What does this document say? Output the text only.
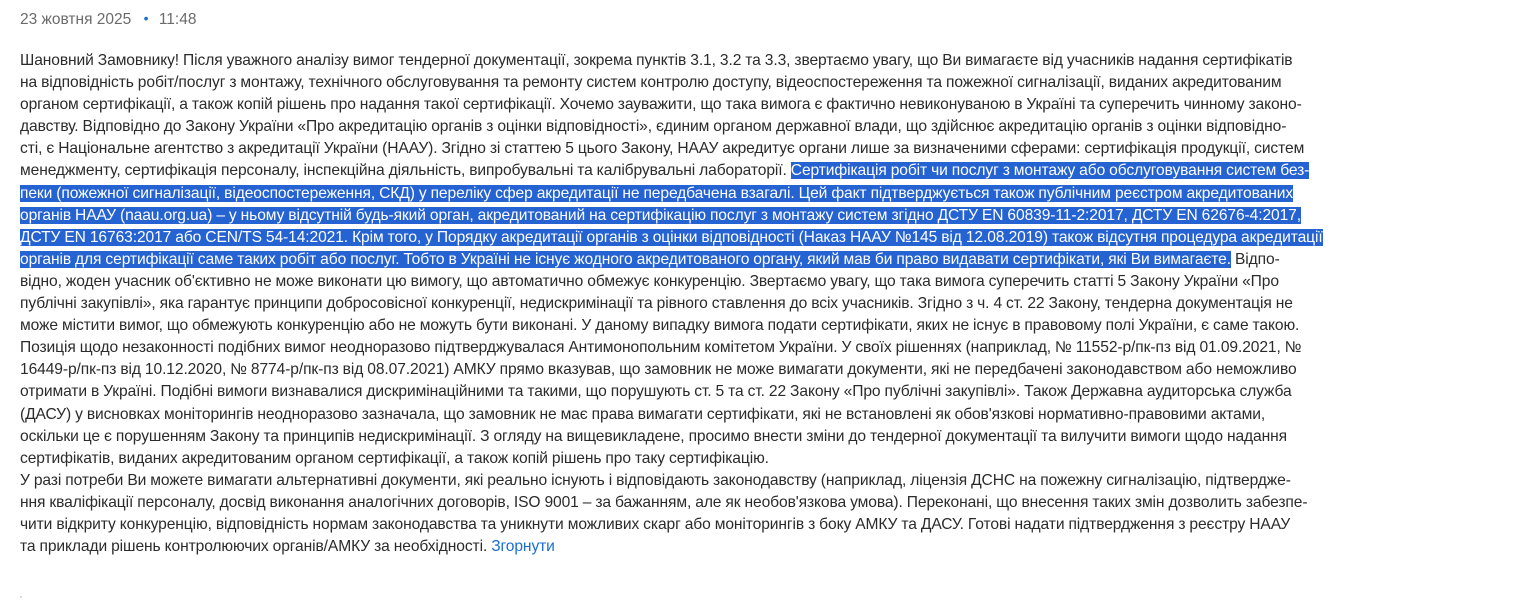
23 жовтня 2025 • 11:48
Шановний Замовнику! Після уважного аналізу вимог тендерної документації, зокрема пунктів 3.1, 3.2 та 3.3, звертаємо увагу, що Ви вимагаєте від учасників надання сертифікатів
на відповідність робіт/послуг з монтажу, технічного обслуговування та ремонту систем контролю доступу, відеоспостереження та пожежної сигналізації, виданих акредитованим
органом сертифікації, а також копій рішень про надання такої сертифікації. Хочемо зауважити, що така вимога є фактично невиконуваною в Україні та суперечить чинному законо-
давству. Відповідно до Закону України «Про акредитацію органів з оцінки відповідності», єдиним органом державної влади, що здійснює акредитацію органів з оцінки відповідно-
сті, є Національне агентство з акредитації України (НААУ). Згідно зі статтею 5 цього Закону, НААУ акредитує органи лише за визначеними сферами: сертифікація продукції, систем
менеджменту, сертифікація персоналу, інспекційна діяльність, випробувальні та калібрувальні лабораторії. Сертифікація робіт чи послуг з монтажу або обслуговування систем без-
пеки (пожежної сигналізації, відеоспостереження, СКД) у переліку сфер акредитації не передбачена взагалі. Цей факт підтверджується також публічним реєстром акредитованих
органів НААУ (naau.org.ua) – у ньому відсутній будь-який орган, акредитований на сертифікацію послуг з монтажу систем згідно ДСТУ EN 60839-11-2:2017, ДСТУ EN 62676-4:2017,
ДСТУ EN 16763:2017 або CEN/TS 54-14:2021. Крім того, у Порядку акредитації органів з оцінки відповідності (Наказ НААУ №145 від 12.08.2019) також відсутня процедура акредитації
органів для сертифікації саме таких робіт або послуг. Тобто в Україні не існує жодного акредитованого органу, який мав би право видавати сертифікати, які Ви вимагаєте. Відпо-
відно, жоден учасник об'єктивно не може виконати цю вимогу, що автоматично обмежує конкуренцію. Звертаємо увагу, що така вимога суперечить статті 5 Закону України «Про
публічні закупівлі», яка гарантує принципи добросовісної конкуренції, недискримінації та рівного ставлення до всіх учасників. Згідно з ч. 4 ст. 22 Закону, тендерна документація не
може містити вимог, що обмежують конкуренцію або не можуть бути виконані. У даному випадку вимога подати сертифікати, яких не існує в правовому полі України, є саме такою.
Позиція щодо незаконності подібних вимог неодноразово підтверджувалася Антимонопольним комітетом України. У своїх рішеннях (наприклад, № 11552-р/пк-пз від 01.09.2021, №
16449-р/пк-пз від 10.12.2020, № 8774-р/пк-пз від 08.07.2021) АМКУ прямо вказував, що замовник не може вимагати документи, які не передбачені законодавством або неможливо
отримати в Україні. Подібні вимоги визнавалися дискримінаційними та такими, що порушують ст. 5 та ст. 22 Закону «Про публічні закупівлі». Також Державна аудиторська служба
(ДАСУ) у висновках моніторингів неодноразово зазначала, що замовник не має права вимагати сертифікати, які не встановлені як обов'язкові нормативно-правовими актами,
оскільки це є порушенням Закону та принципів недискримінації. З огляду на вищевикладене, просимо внести зміни до тендерної документації та вилучити вимоги щодо надання
сертифікатів, виданих акредитованим органом сертифікації, а також копій рішень про таку сертифікацію.
У разі потреби Ви можете вимагати альтернативні документи, які реально існують і відповідають законодавству (наприклад, ліцензія ДСНС на пожежну сигналізацію, підтвердже-
ння кваліфікації персоналу, досвід виконання аналогічних договорів, ISO 9001 – за бажанням, але як необов'язкова умова). Переконані, що внесення таких змін дозволить забезпе-
чити відкриту конкуренцію, відповідність нормам законодавства та уникнути можливих скарг або моніторингів з боку АМКУ та ДАСУ. Готові надати підтвердження з реєстру НААУ
та приклади рішень контролюючих органів/АМКУ за необхідності. Згорнути
